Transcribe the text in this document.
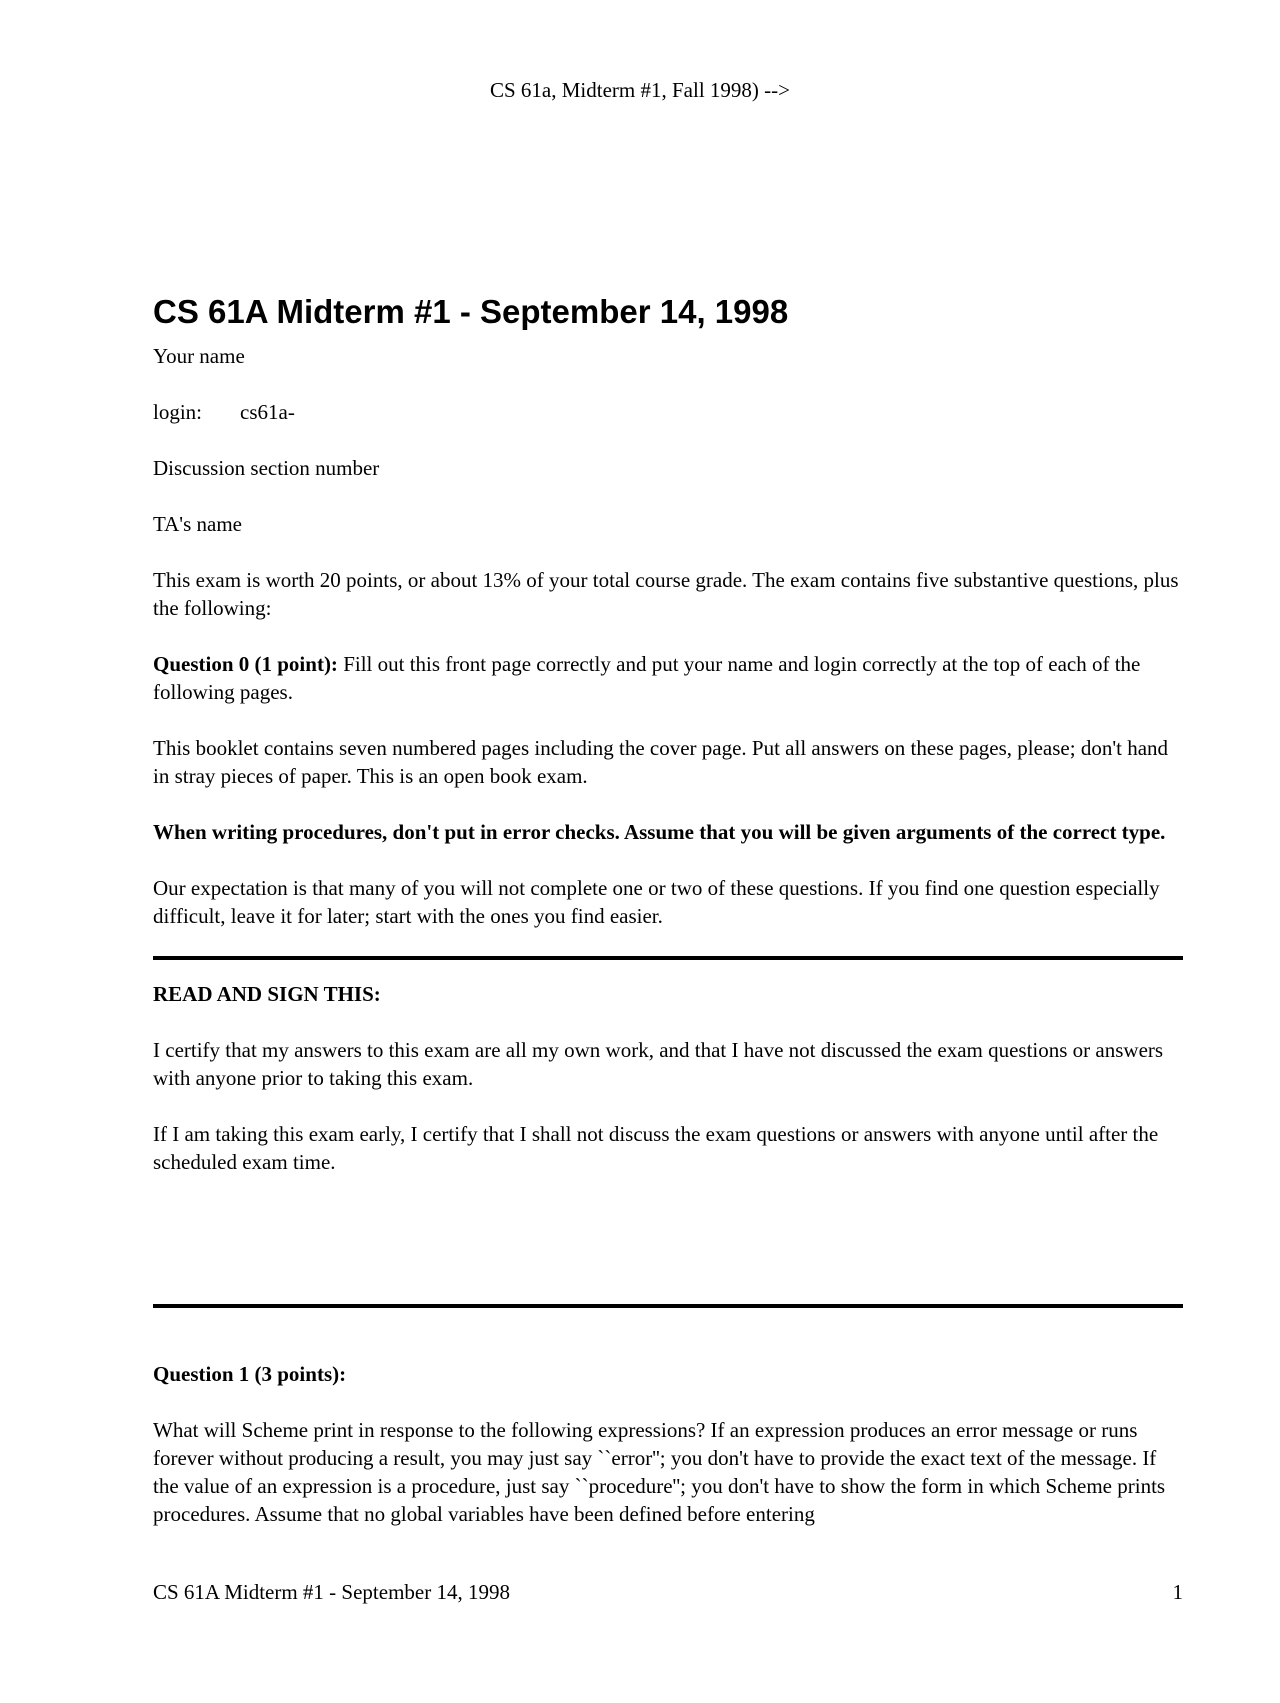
CS 61a, Midterm #1, Fall 1998) -->
CS 61A Midterm #1 - September 14, 1998

Your name

login: cs61a-

Discussion section number

TA's name

This exam is worth 20 points, or about 13% of your total course grade. The exam contains five substantive questions, plus the following:

Question 0 (1 point): Fill out this front page correctly and put your name and login correctly at the top of each of the following pages.

This booklet contains seven numbered pages including the cover page. Put all answers on these pages, please; don't hand in stray pieces of paper. This is an open book exam.

When writing procedures, don't put in error checks. Assume that you will be given arguments of the correct type.

Our expectation is that many of you will not complete one or two of these questions. If you find one question especially difficult, leave it for later; start with the ones you find easier.

READ AND SIGN THIS:

I certify that my answers to this exam are all my own work, and that I have not discussed the exam questions or answers with anyone prior to taking this exam.

If I am taking this exam early, I certify that I shall not discuss the exam questions or answers with anyone until after the scheduled exam time.

Question 1 (3 points):

What will Scheme print in response to the following expressions? If an expression produces an error message or runs forever without producing a result, you may just say ``error''; you don't have to provide the exact text of the message. If the value of an expression is a procedure, just say ``procedure''; you don't have to show the form in which Scheme prints procedures. Assume that no global variables have been defined before entering

CS 61A Midterm #1 - September 14, 1998	1
